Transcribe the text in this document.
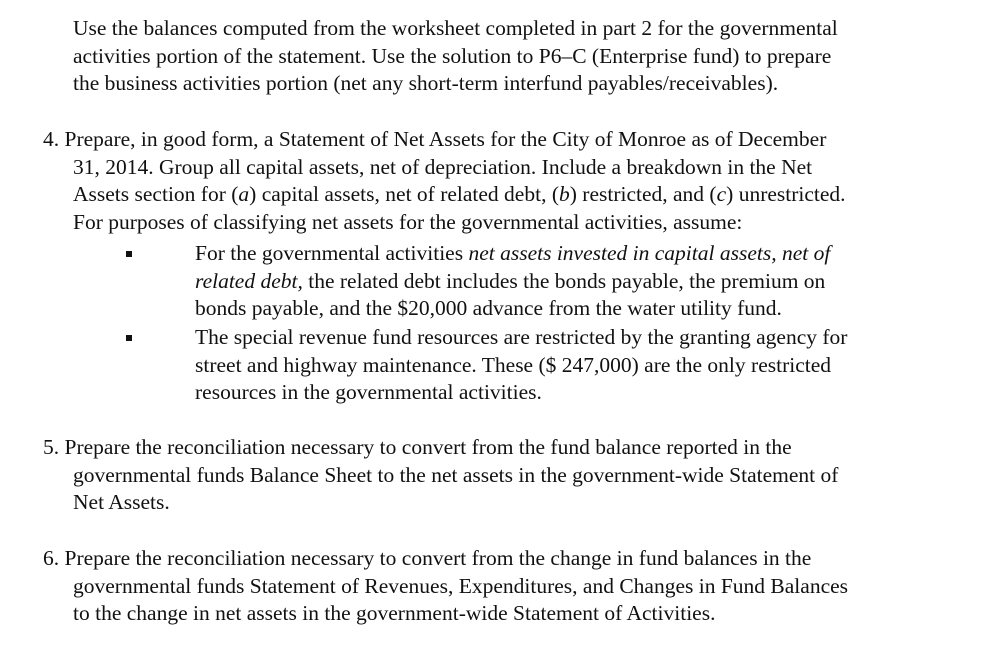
Use the balances computed from the worksheet completed in part 2 for the governmental
activities portion of the statement. Use the solution to P6–C (Enterprise fund) to prepare
the business activities portion (net any short-term interfund payables/receivables).
4. Prepare, in good form, a Statement of Net Assets for the City of Monroe as of December
31, 2014. Group all capital assets, net of depreciation. Include a breakdown in the Net
Assets section for (a) capital assets, net of related debt, (b) restricted, and (c) unrestricted.
For purposes of classifying net assets for the governmental activities, assume:
For the governmental activities net assets invested in capital assets, net of
related debt, the related debt includes the bonds payable, the premium on
bonds payable, and the $20,000 advance from the water utility fund.
The special revenue fund resources are restricted by the granting agency for
street and highway maintenance. These ($ 247,000) are the only restricted
resources in the governmental activities.
5. Prepare the reconciliation necessary to convert from the fund balance reported in the
governmental funds Balance Sheet to the net assets in the government-wide Statement of
Net Assets.
6. Prepare the reconciliation necessary to convert from the change in fund balances in the
governmental funds Statement of Revenues, Expenditures, and Changes in Fund Balances
to the change in net assets in the government-wide Statement of Activities.
